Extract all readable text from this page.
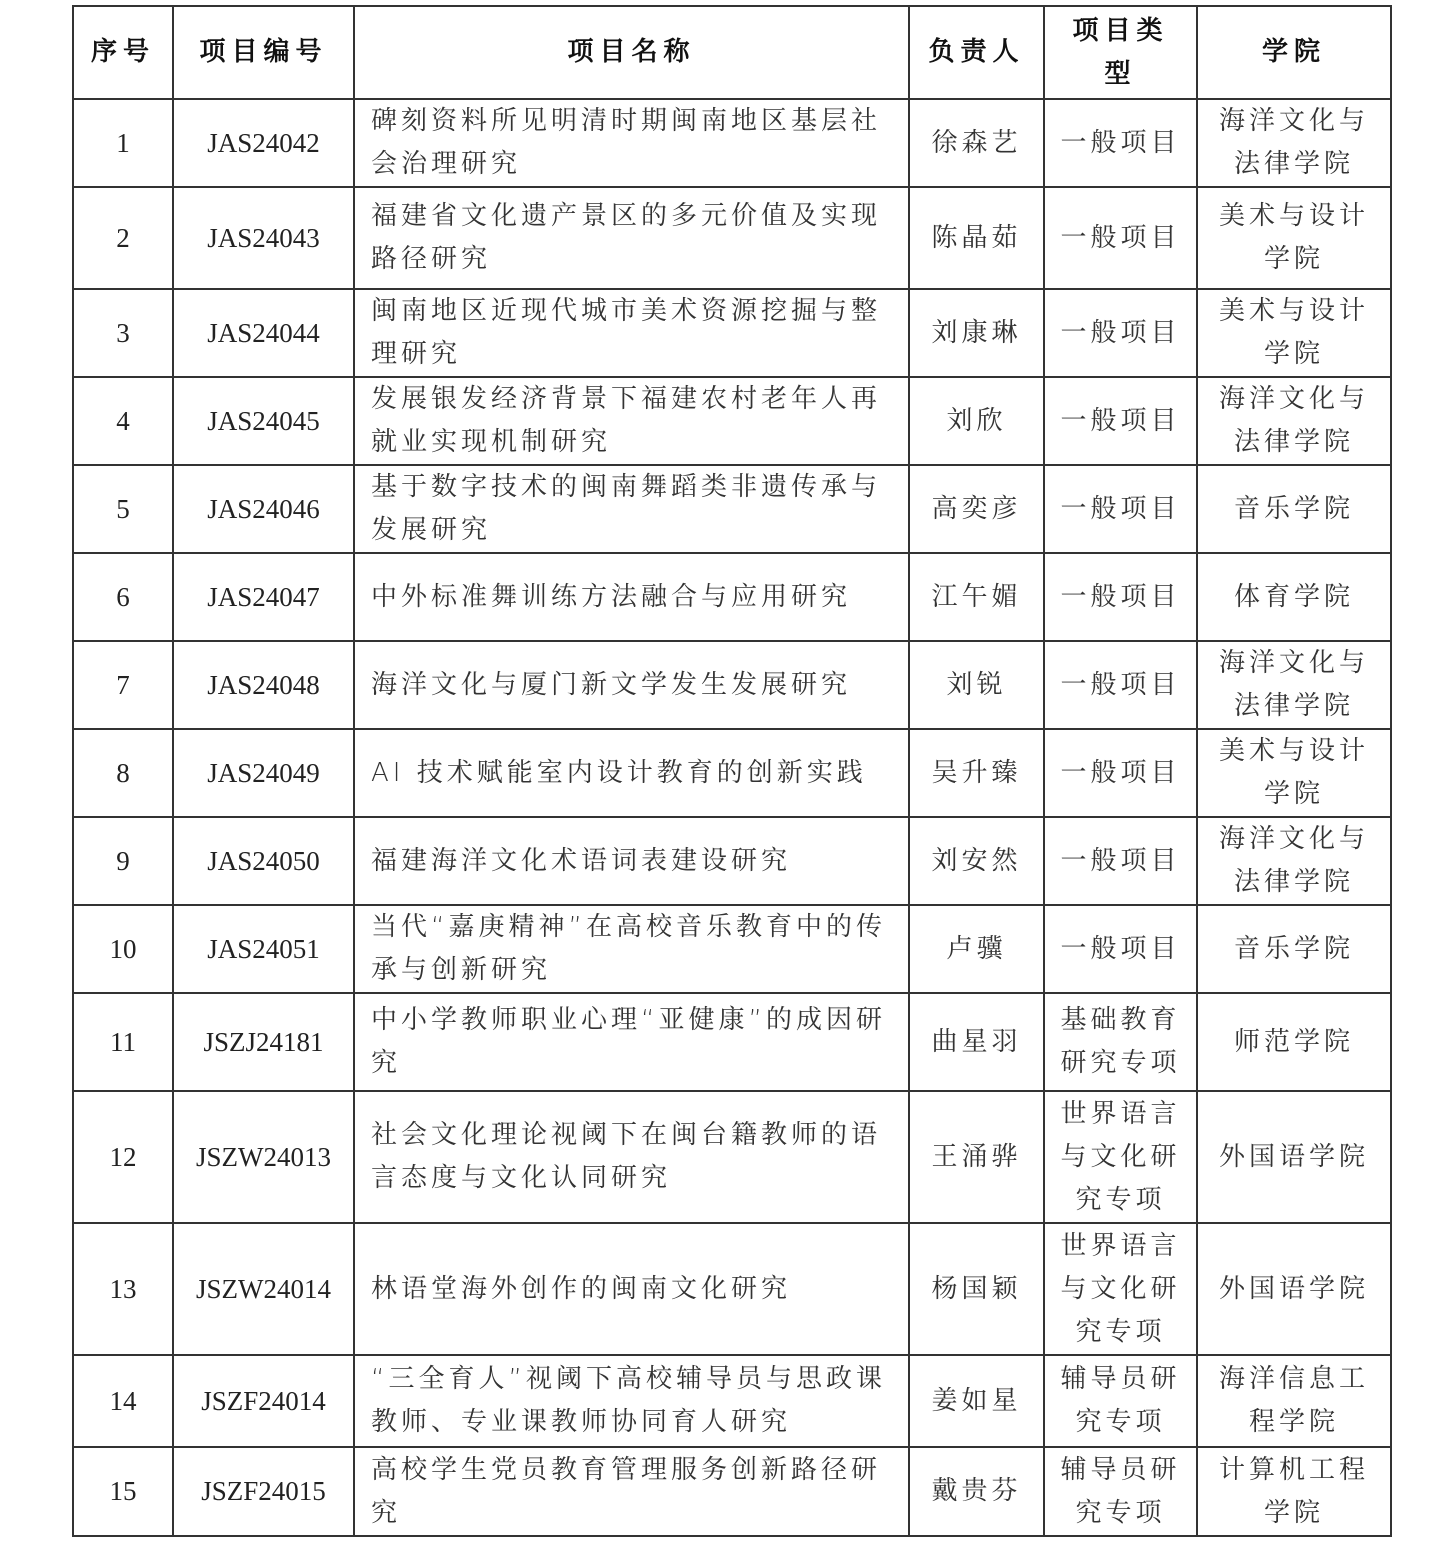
序号	项目编号	项目名称	负责人	项目类型	学院
1	JAS24042	碑刻资料所见明清时期闽南地区基层社会治理研究	徐森艺	一般项目	海洋文化与法律学院
2	JAS24043	福建省文化遗产景区的多元价值及实现路径研究	陈晶茹	一般项目	美术与设计学院
3	JAS24044	闽南地区近现代城市美术资源挖掘与整理研究	刘康琳	一般项目	美术与设计学院
4	JAS24045	发展银发经济背景下福建农村老年人再就业实现机制研究	刘欣	一般项目	海洋文化与法律学院
5	JAS24046	基于数字技术的闽南舞蹈类非遗传承与发展研究	高奕彦	一般项目	音乐学院
6	JAS24047	中外标准舞训练方法融合与应用研究	江午媚	一般项目	体育学院
7	JAS24048	海洋文化与厦门新文学发生发展研究	刘锐	一般项目	海洋文化与法律学院
8	JAS24049	AI 技术赋能室内设计教育的创新实践	吴升臻	一般项目	美术与设计学院
9	JAS24050	福建海洋文化术语词表建设研究	刘安然	一般项目	海洋文化与法律学院
10	JAS24051	当代“嘉庚精神”在高校音乐教育中的传承与创新研究	卢骥	一般项目	音乐学院
11	JSZJ24181	中小学教师职业心理“亚健康”的成因研究	曲星羽	基础教育研究专项	师范学院
12	JSZW24013	社会文化理论视阈下在闽台籍教师的语言态度与文化认同研究	王涌骅	世界语言与文化研究专项	外国语学院
13	JSZW24014	林语堂海外创作的闽南文化研究	杨国颖	世界语言与文化研究专项	外国语学院
14	JSZF24014	“三全育人”视阈下高校辅导员与思政课教师、专业课教师协同育人研究	姜如星	辅导员研究专项	海洋信息工程学院
15	JSZF24015	高校学生党员教育管理服务创新路径研究	戴贵芬	辅导员研究专项	计算机工程学院
